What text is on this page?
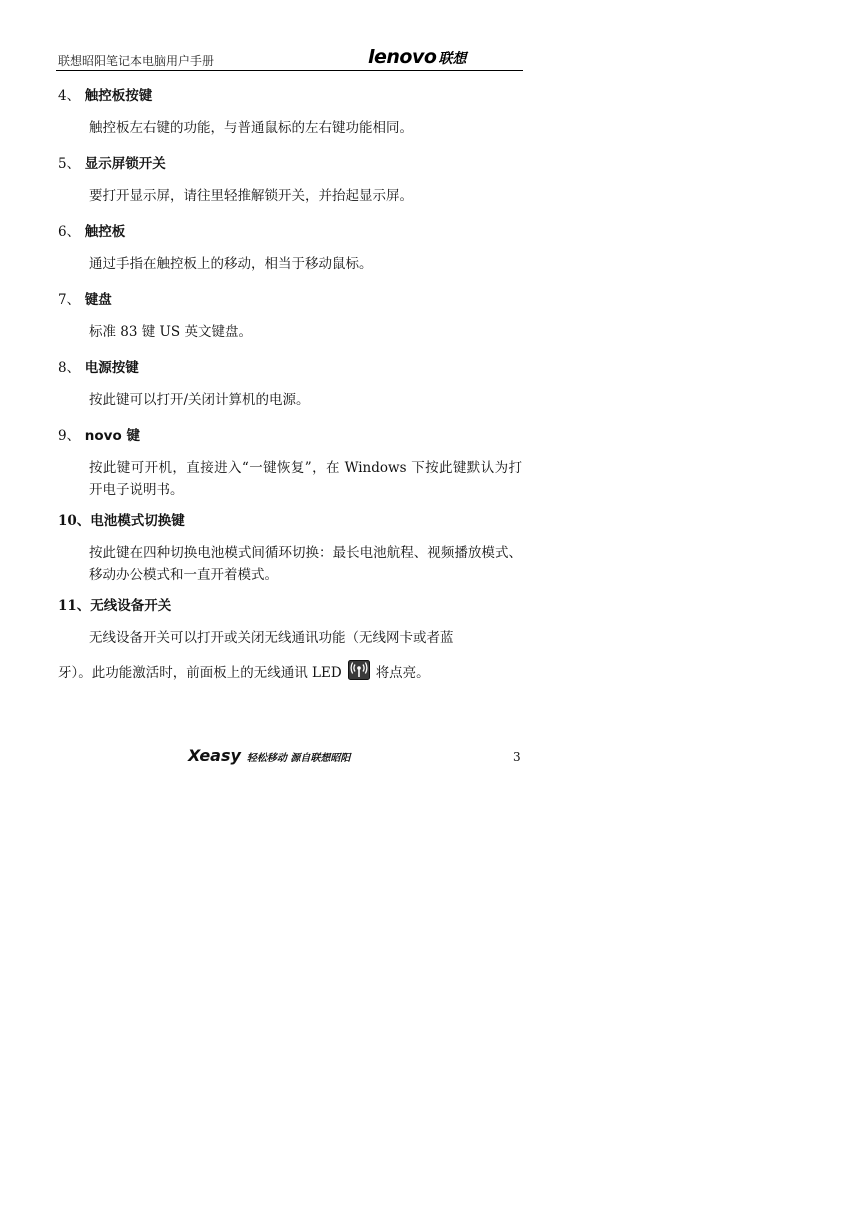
联想昭阳笔记本电脑用户手册	lenovo 联想
4、 触控板按键
触控板左右键的功能，与普通鼠标的左右键功能相同。
5、 显示屏锁开关
要打开显示屏，请往里轻推解锁开关，并抬起显示屏。
6、 触控板
通过手指在触控板上的移动，相当于移动鼠标。
7、 键盘
标准 83 键 US 英文键盘。
8、 电源按键
按此键可以打开/关闭计算机的电源。
9、 novo 键
按此键可开机，直接进入“一键恢复”，在 Windows 下按此键默认为打开电子说明书。
10、电池模式切换键
按此键在四种切换电池模式间循环切换：最长电池航程、视频播放模式、移动办公模式和一直开着模式。
11、无线设备开关
无线设备开关可以打开或关闭无线通讯功能（无线网卡或者蓝
牙）。此功能激活时，前面板上的无线通讯 LED	将点亮。
Xeasy 轻松移动 源自联想昭阳	3
